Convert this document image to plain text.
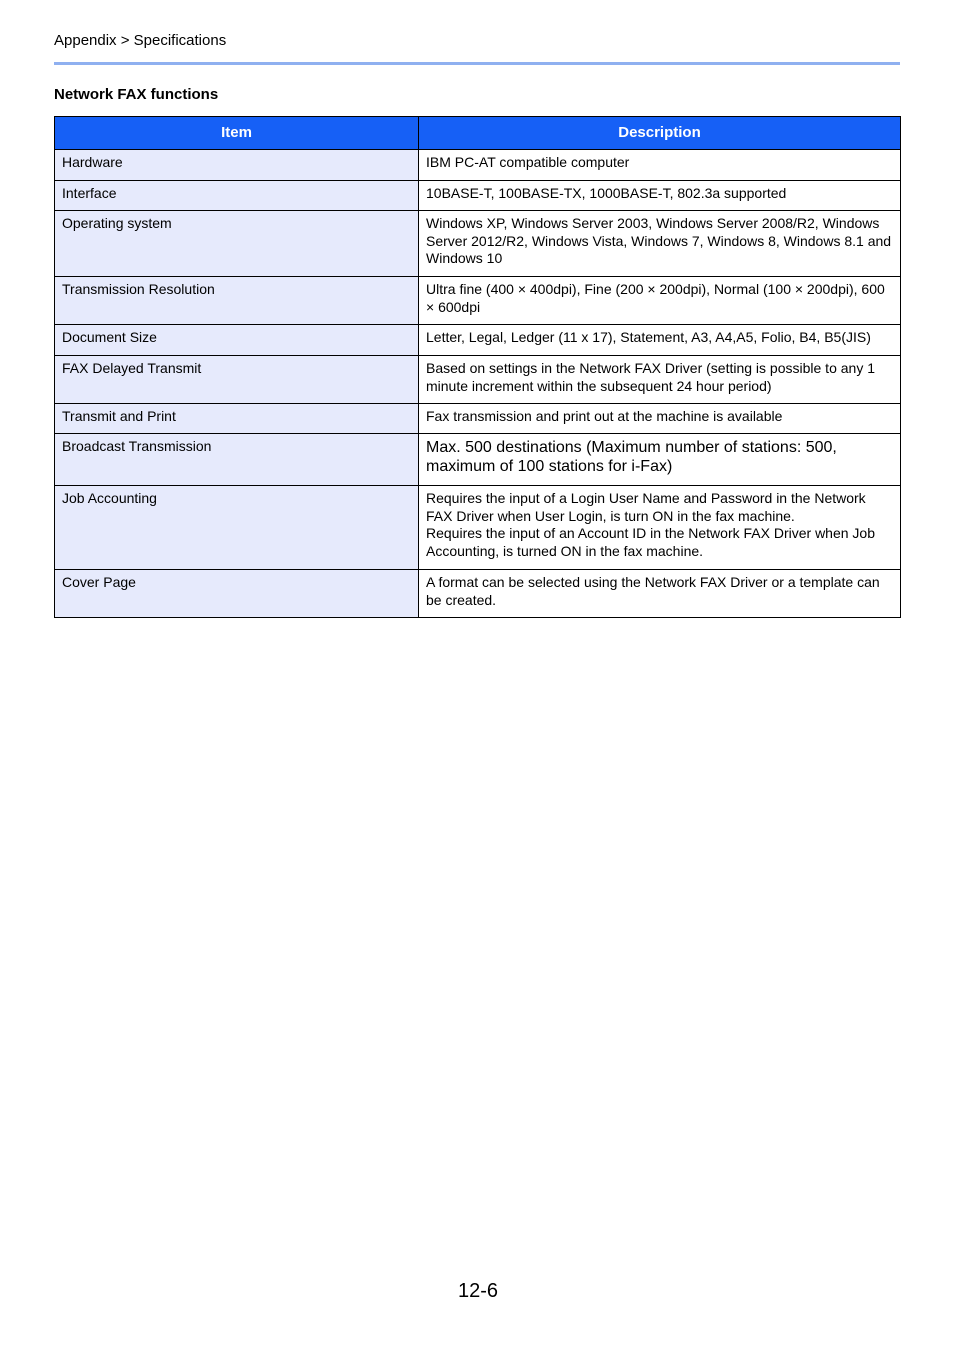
Appendix > Specifications
Network FAX functions
Item	Description
Hardware	IBM PC-AT compatible computer

Interface	10BASE-T, 100BASE-TX, 1000BASE-T, 802.3a supported

Operating system	Windows XP, Windows Server 2003, Windows Server 2008/R2, Windows Server 2012/R2, Windows Vista, Windows 7, Windows 8, Windows 8.1 and Windows 10

Transmission Resolution	Ultra fine (400 × 400dpi), Fine (200 × 200dpi), Normal (100 × 200dpi), 600 × 600dpi

Document Size	Letter, Legal, Ledger (11 x 17), Statement, A3, A4,A5, Folio, B4, B5(JIS)

FAX Delayed Transmit	Based on settings in the Network FAX Driver (setting is possible to any 1 minute increment within the subsequent 24 hour period)

Transmit and Print	Fax transmission and print out at the machine is available

Broadcast Transmission	Max. 500 destinations (Maximum number of stations: 500, maximum of 100 stations for i-Fax)

Job Accounting	Requires the input of a Login User Name and Password in the Network FAX Driver when User Login, is turn ON in the fax machine.
Requires the input of an Account ID in the Network FAX Driver when Job Accounting, is turned ON in the fax machine.

Cover Page	A format can be selected using the Network FAX Driver or a template can be created.
12-6
